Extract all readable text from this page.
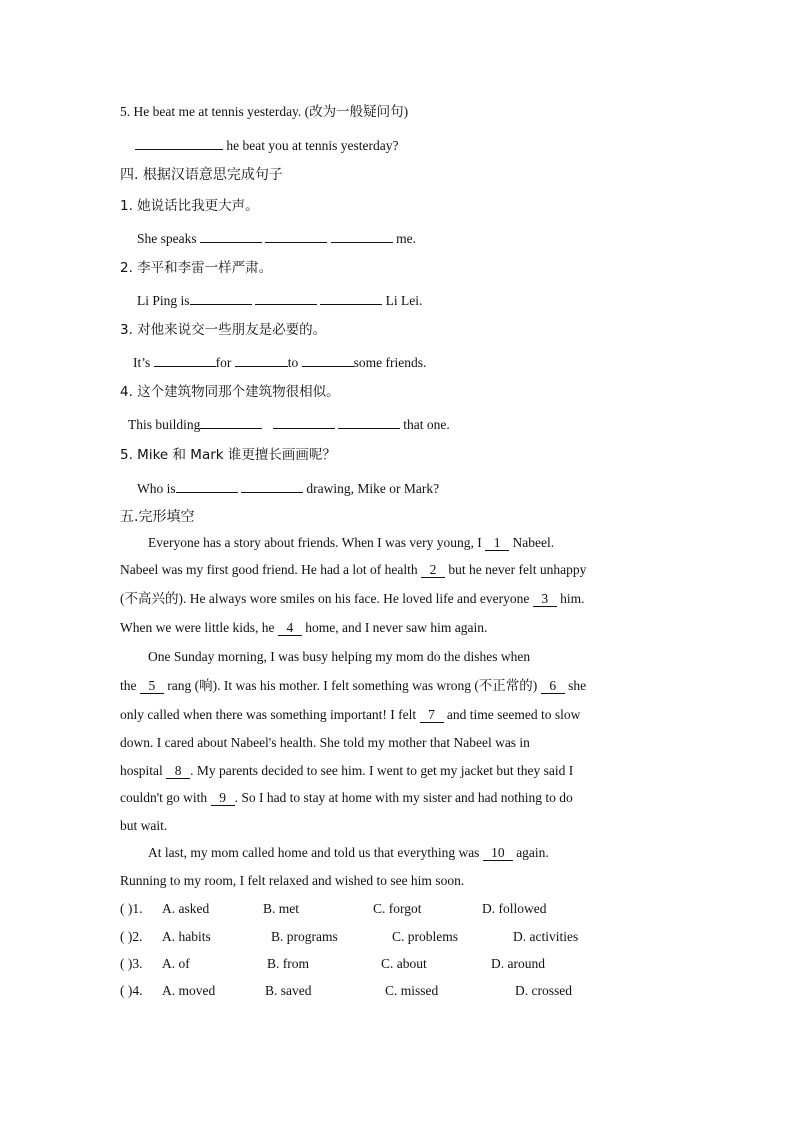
5. He beat me at tennis yesterday. (改为一般疑问句)
he beat you at tennis yesterday?
四. 根据汉语意思完成句子
1. 她说话比我更大声。
She speaks	me.
2. 李平和李雷一样严肃。
Li Ping is	Li Lei.
3. 对他来说交一些朋友是必要的。
It’s	for	to	some friends.
4. 这个建筑物同那个建筑物很相似。
This building	that one.
5. Mike 和 Mark 谁更擅长画画呢？
Who is	drawing, Mike or Mark?
五.完形填空
Everyone has a story about friends. When I was very young, I 1 Nabeel.
Nabeel was my first good friend. He had a lot of health 2 but he never felt unhappy
(不高兴的). He always wore smiles on his face. He loved life and everyone 3 him.
When we were little kids, he 4 home, and I never saw him again.
One Sunday morning, I was busy helping my mom do the dishes when
the 5 rang (响). It was his mother. I felt something was wrong (不正常的) 6 she
only called when there was something important! I felt 7 and time seemed to slow
down. I cared about Nabeel's health. She told my mother that Nabeel was in
hospital 8 . My parents decided to see him. I went to get my jacket but they said I
couldn't go with 9 . So I had to stay at home with my sister and had nothing to do
but wait.
At last, my mom called home and told us that everything was 10 again.
Running to my room, I felt relaxed and wished to see him soon.
( )1. A. asked	B. met	C. forgot	D. followed
( )2. A. habits	B. programs	C. problems	D. activities
( )3. A. of	B. from	C. about	D. around
( )4. A. moved	B. saved	C. missed	D. crossed
